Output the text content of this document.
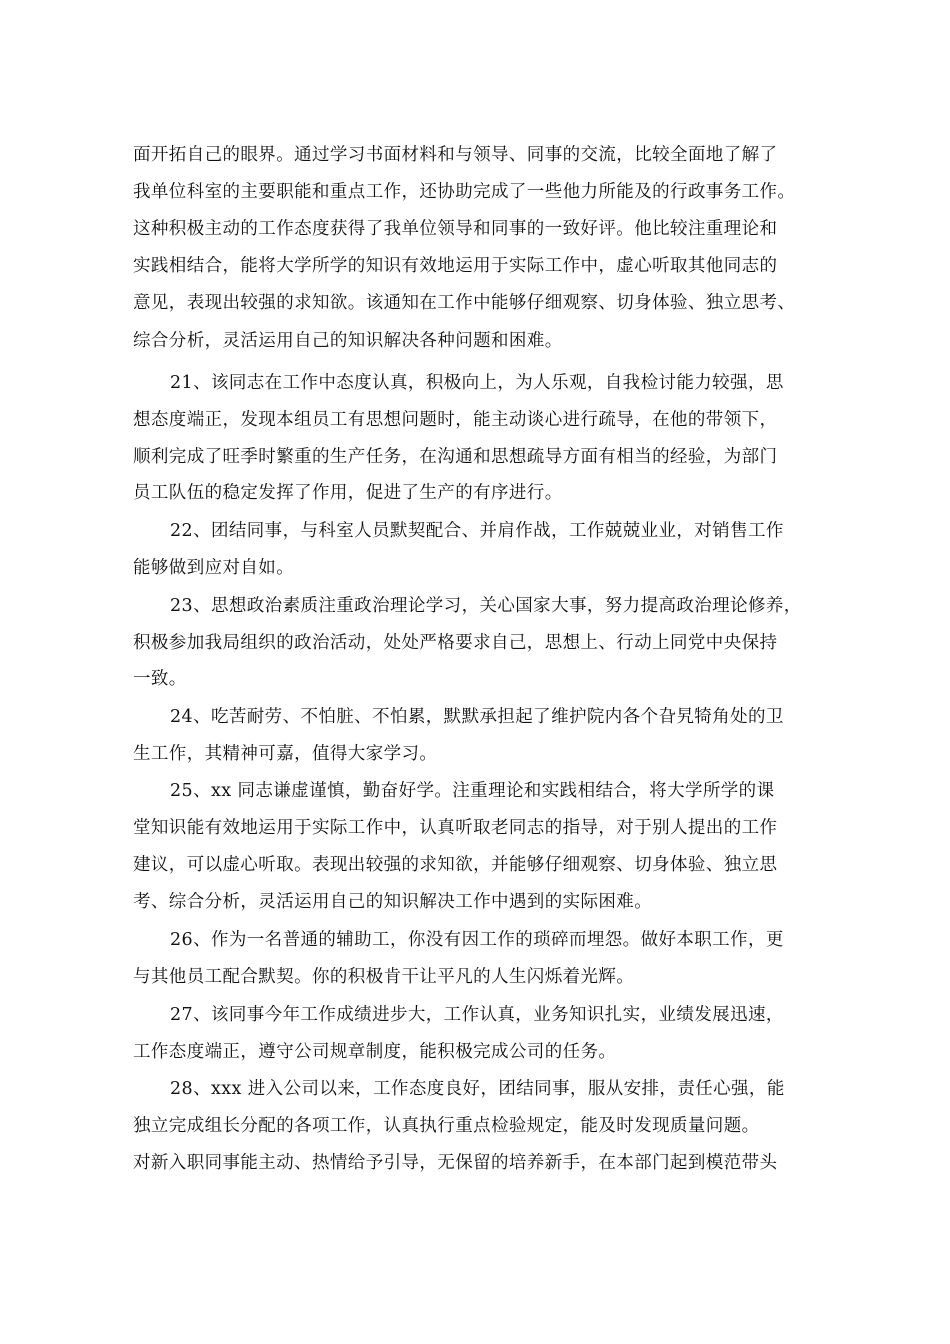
面开拓自己的眼界。通过学习书面材料和与领导、同事的交流，比较全面地了解了
我单位科室的主要职能和重点工作，还协助完成了一些他力所能及的行政事务工作。
这种积极主动的工作态度获得了我单位领导和同事的一致好评。他比较注重理论和
实践相结合，能将大学所学的知识有效地运用于实际工作中，虚心听取其他同志的
意见，表现出较强的求知欲。该通知在工作中能够仔细观察、切身体验、独立思考、
综合分析，灵活运用自己的知识解决各种问题和困难。
21、该同志在工作中态度认真，积极向上，为人乐观，自我检讨能力较强，思
想态度端正，发现本组员工有思想问题时，能主动谈心进行疏导，在他的带领下，
顺利完成了旺季时繁重的生产任务，在沟通和思想疏导方面有相当的经验，为部门
员工队伍的稳定发挥了作用，促进了生产的有序进行。
22、团结同事，与科室人员默契配合、并肩作战，工作兢兢业业，对销售工作
能够做到应对自如。
23、思想政治素质注重政治理论学习，关心国家大事，努力提高政治理论修养，
积极参加我局组织的政治活动，处处严格要求自己，思想上、行动上同党中央保持
一致。
24、吃苦耐劳、不怕脏、不怕累，默默承担起了维护院内各个旮旯犄角处的卫
生工作，其精神可嘉，值得大家学习。
25、xx 同志谦虚谨慎，勤奋好学。注重理论和实践相结合，将大学所学的课
堂知识能有效地运用于实际工作中，认真听取老同志的指导，对于别人提出的工作
建议，可以虚心听取。表现出较强的求知欲，并能够仔细观察、切身体验、独立思
考、综合分析，灵活运用自己的知识解决工作中遇到的实际困难。
26、作为一名普通的辅助工，你没有因工作的琐碎而埋怨。做好本职工作，更
与其他员工配合默契。你的积极肯干让平凡的人生闪烁着光辉。
27、该同事今年工作成绩进步大，工作认真，业务知识扎实，业绩发展迅速，
工作态度端正，遵守公司规章制度，能积极完成公司的任务。
28、xxx 进入公司以来，工作态度良好，团结同事，服从安排，责任心强，能
独立完成组长分配的各项工作，认真执行重点检验规定，能及时发现质量问题。
对新入职同事能主动、热情给予引导，无保留的培养新手，在本部门起到模范带头
